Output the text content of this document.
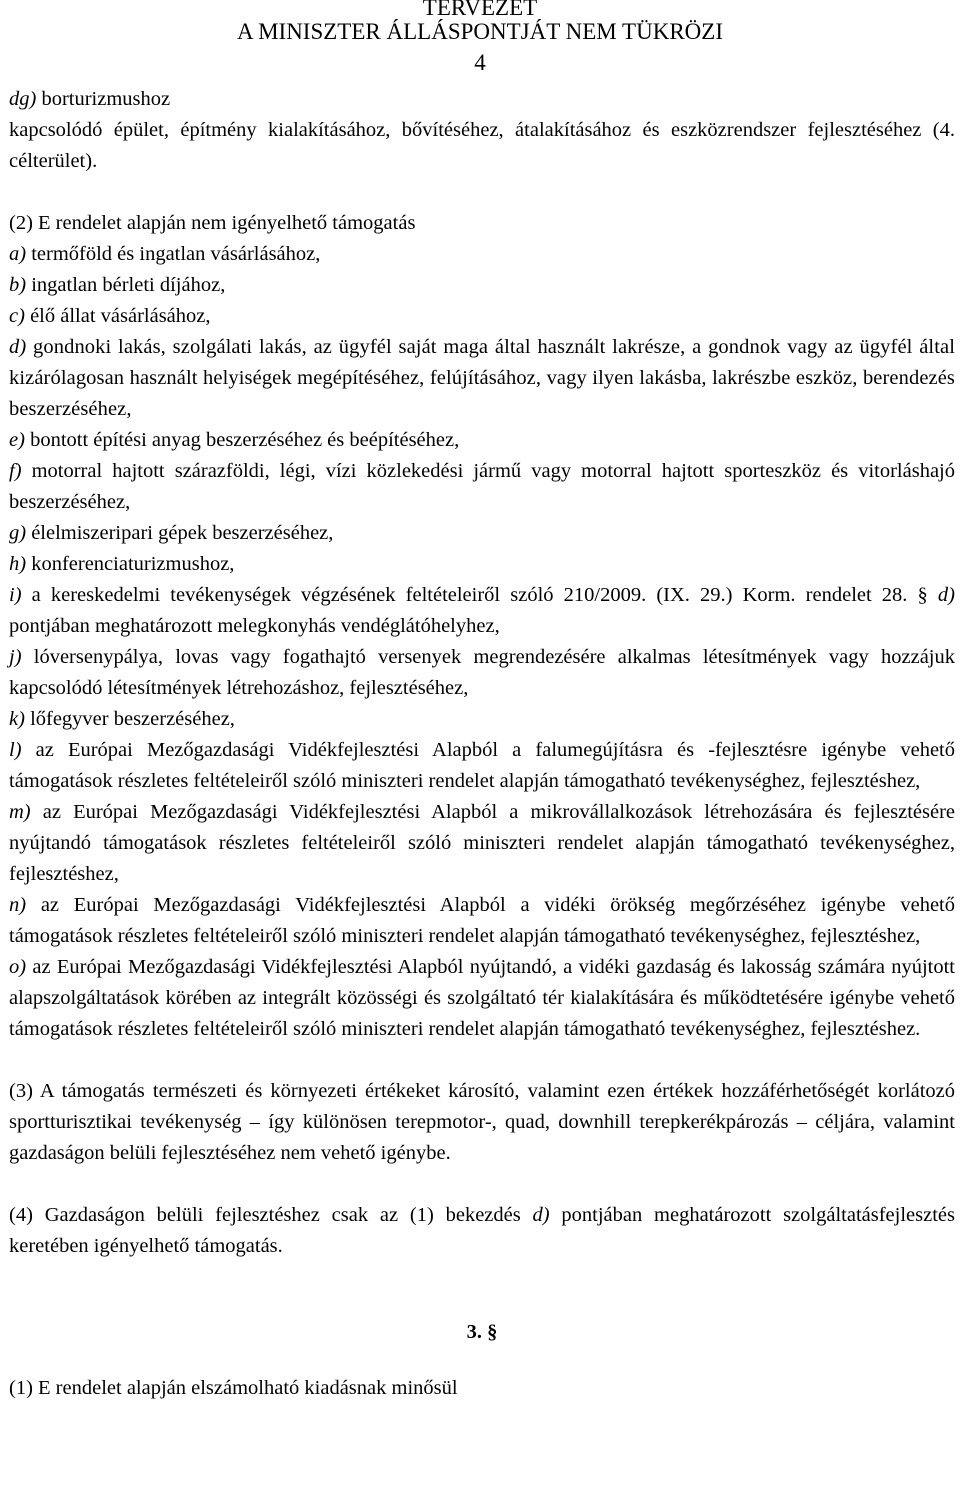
TERVEZET
A MINISZTER ÁLLÁSPONTJÁT NEM TÜKRÖZI
4

dg) borturizmushoz

kapcsolódó épület, építmény kialakításához, bővítéséhez, átalakításához és eszközrendszer fejlesztéséhez (4. célterület).

(2) E rendelet alapján nem igényelhető támogatás

a) termőföld és ingatlan vásárlásához,

b) ingatlan bérleti díjához,

c) élő állat vásárlásához,

d) gondnoki lakás, szolgálati lakás, az ügyfél saját maga által használt lakrésze, a gondnok vagy az ügyfél által kizárólagosan használt helyiségek megépítéséhez, felújításához, vagy ilyen lakásba, lakrészbe eszköz, berendezés beszerzéséhez,

e) bontott építési anyag beszerzéséhez és beépítéséhez,

f) motorral hajtott szárazföldi, légi, vízi közlekedési jármű vagy motorral hajtott sporteszköz és vitorláshajó beszerzéséhez,

g) élelmiszeripari gépek beszerzéséhez,

h) konferenciaturizmushoz,

i) a kereskedelmi tevékenységek végzésének feltételeiről szóló 210/2009. (IX. 29.) Korm. rendelet 28. § d) pontjában meghatározott melegkonyhás vendéglátóhelyhez,

j) lóversenypálya, lovas vagy fogathajtó versenyek megrendezésére alkalmas létesítmények vagy hozzájuk kapcsolódó létesítmények létrehozáshoz, fejlesztéséhez,

k) lőfegyver beszerzéséhez,

l) az Európai Mezőgazdasági Vidékfejlesztési Alapból a falumegújításra és -fejlesztésre igénybe vehető támogatások részletes feltételeiről szóló miniszteri rendelet alapján támogatható tevékenységhez, fejlesztéshez,

m) az Európai Mezőgazdasági Vidékfejlesztési Alapból a mikrovállalkozások létrehozására és fejlesztésére nyújtandó támogatások részletes feltételeiről szóló miniszteri rendelet alapján támogatható tevékenységhez, fejlesztéshez,

n) az Európai Mezőgazdasági Vidékfejlesztési Alapból a vidéki örökség megőrzéséhez igénybe vehető támogatások részletes feltételeiről szóló miniszteri rendelet alapján támogatható tevékenységhez, fejlesztéshez,

o) az Európai Mezőgazdasági Vidékfejlesztési Alapból nyújtandó, a vidéki gazdaság és lakosság számára nyújtott alapszolgáltatások körében az integrált közösségi és szolgáltató tér kialakítására és működtetésére igénybe vehető támogatások részletes feltételeiről szóló miniszteri rendelet alapján támogatható tevékenységhez, fejlesztéshez.

(3) A támogatás természeti és környezeti értékeket károsító, valamint ezen értékek hozzáférhetőségét korlátozó sportturisztikai tevékenység – így különösen terepmotor-, quad, downhill terepkerékpározás – céljára, valamint gazdaságon belüli fejlesztéséhez nem vehető igénybe.

(4) Gazdaságon belüli fejlesztéshez csak az (1) bekezdés d) pontjában meghatározott szolgáltatásfejlesztés keretében igényelhető támogatás.

3. §

(1) E rendelet alapján elszámolható kiadásnak minősül
